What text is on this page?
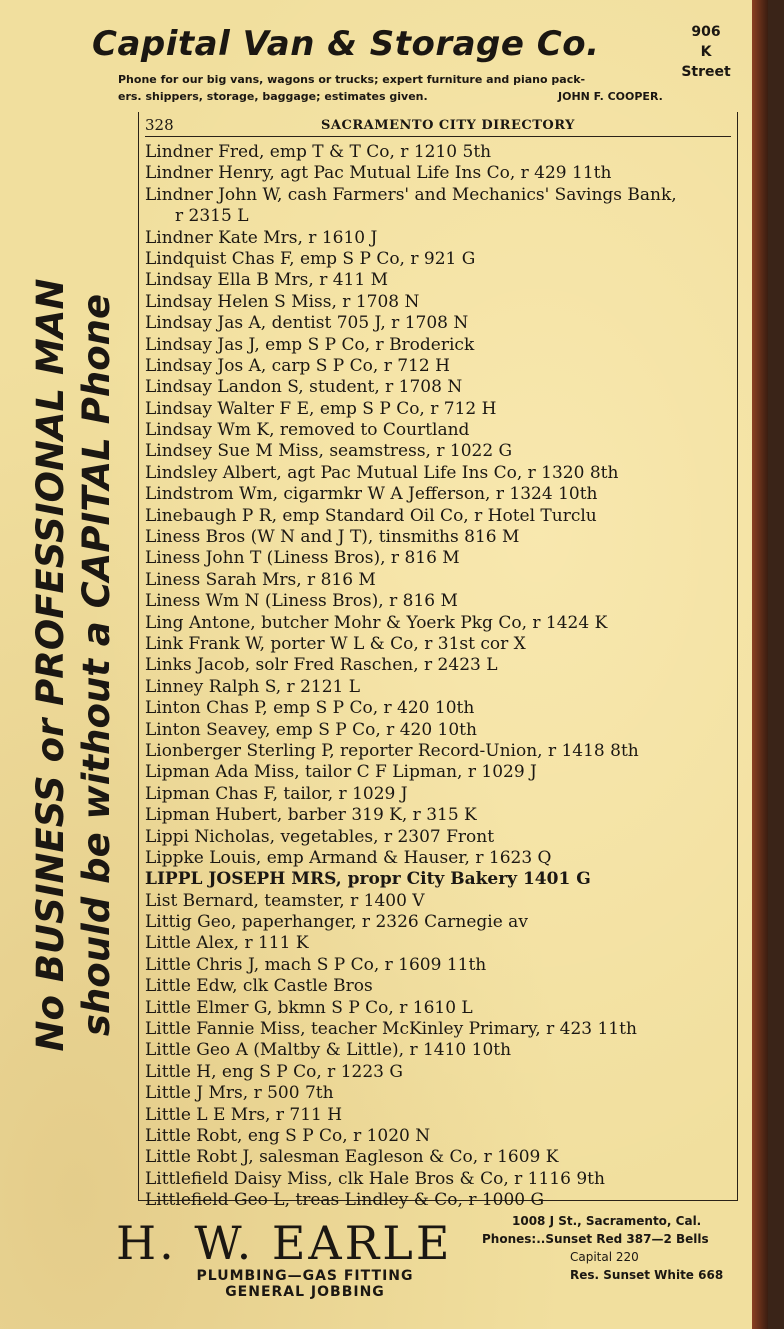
Capital Van & Storage Co.	906
K Street
Phone for our big vans, wagons or trucks; expert furniture and piano pack-
ers. shippers, storage, baggage; estimates given.	JOHN F. COOPER.
No BUSINESS or PROFESSIONAL MAN should be without a CAPITAL Phone
328	SACRAMENTO CITY DIRECTORY
Lindner Fred, emp T & T Co, r 1210 5th
Lindner Henry, agt Pac Mutual Life Ins Co, r 429 11th
Lindner John W, cash Farmers' and Mechanics' Savings Bank,
r 2315 L
Lindner Kate Mrs, r 1610 J
Lindquist Chas F, emp S P Co, r 921 G
Lindsay Ella B Mrs, r 411 M
Lindsay Helen S Miss, r 1708 N
Lindsay Jas A, dentist 705 J, r 1708 N
Lindsay Jas J, emp S P Co, r Broderick
Lindsay Jos A, carp S P Co, r 712 H
Lindsay Landon S, student, r 1708 N
Lindsay Walter F E, emp S P Co, r 712 H
Lindsay Wm K, removed to Courtland
Lindsey Sue M Miss, seamstress, r 1022 G
Lindsley Albert, agt Pac Mutual Life Ins Co, r 1320 8th
Lindstrom Wm, cigarmkr W A Jefferson, r 1324 10th
Linebaugh P R, emp Standard Oil Co, r Hotel Turclu
Liness Bros (W N and J T), tinsmiths 816 M
Liness John T (Liness Bros), r 816 M
Liness Sarah Mrs, r 816 M
Liness Wm N (Liness Bros), r 816 M
Ling Antone, butcher Mohr & Yoerk Pkg Co, r 1424 K
Link Frank W, porter W L & Co, r 31st cor X
Links Jacob, solr Fred Raschen, r 2423 L
Linney Ralph S, r 2121 L
Linton Chas P, emp S P Co, r 420 10th
Linton Seavey, emp S P Co, r 420 10th
Lionberger Sterling P, reporter Record-Union, r 1418 8th
Lipman Ada Miss, tailor C F Lipman, r 1029 J
Lipman Chas F, tailor, r 1029 J
Lipman Hubert, barber 319 K, r 315 K
Lippi Nicholas, vegetables, r 2307 Front
Lippke Louis, emp Armand & Hauser, r 1623 Q
LIPPL JOSEPH MRS, propr City Bakery 1401 G
List Bernard, teamster, r 1400 V
Littig Geo, paperhanger, r 2326 Carnegie av
Little Alex, r 111 K
Little Chris J, mach S P Co, r 1609 11th
Little Edw, clk Castle Bros
Little Elmer G, bkmn S P Co, r 1610 L
Little Fannie Miss, teacher McKinley Primary, r 423 11th
Little Geo A (Maltby & Little), r 1410 10th
Little H, eng S P Co, r 1223 G
Little J Mrs, r 500 7th
Little L E Mrs, r 711 H
Little Robt, eng S P Co, r 1020 N
Little Robt J, salesman Eagleson & Co, r 1609 K
Littlefield Daisy Miss, clk Hale Bros & Co, r 1116 9th
Littlefield Geo L, treas Lindley & Co, r 1000 G
H. W. EARLE
PLUMBING—GAS FITTING
GENERAL JOBBING
1008 J St., Sacramento, Cal.
Phones:..Sunset Red 387—2 Bells
Capital 220
Res. Sunset White 668
